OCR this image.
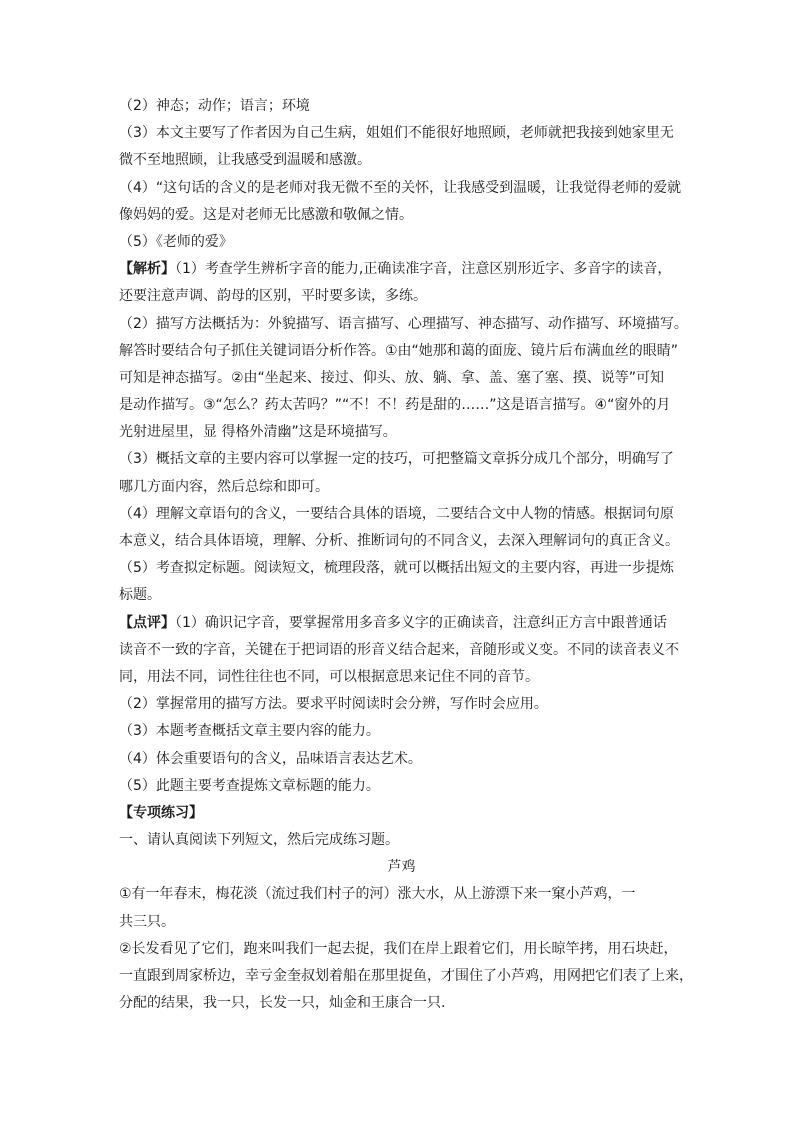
（2）神态；动作；语言；环境
（3）本文主要写了作者因为自己生病，姐姐们不能很好地照顾，老师就把我接到她家里无
微不至地照顾，让我感受到温暖和感激。
（4）“这句话的含义的是老师对我无微不至的关怀，让我感受到温暖，让我觉得老师的爱就
像妈妈的爱。这是对老师无比感激和敬佩之情。
（5）《老师的爱》
【解析】（1）考查学生辨析字音的能力,正确读准字音，注意区别形近字、多音字的读音，
还要注意声调、韵母的区别，平时要多读，多练。
（2）描写方法概括为：外貌描写、语言描写、心理描写、神态描写、动作描写、环境描写。
解答时要结合句子抓住关键词语分析作答。①由“她那和蔼的面庞、镜片后布满血丝的眼睛”
可知是神态描写。②由“坐起来、接过、仰头、放、躺、拿、盖、塞了塞、摸、说等”可知
是动作描写。③“怎么？药太苦吗？”“不！不！药是甜的……”这是语言描写。④“窗外的月
光射进屋里，显 得格外清幽”这是环境描写。
（3）概括文章的主要内容可以掌握一定的技巧，可把整篇文章拆分成几个部分，明确写了
哪几方面内容，然后总综和即可。
（4）理解文章语句的含义，一要结合具体的语境，二要结合文中人物的情感。根据词句原
本意义，结合具体语境，理解、分析、推断词句的不同含义，去深入理解词句的真正含义。
（5）考查拟定标题。阅读短文，梳理段落，就可以概括出短文的主要内容，再进一步提炼
标题。
【点评】（1）确识记字音，要掌握常用多音多义字的正确读音，注意纠正方言中跟普通话
读音不一致的字音，关键在于把词语的形音义结合起来，音随形或义变。不同的读音表义不
同，用法不同，词性往往也不同，可以根据意思来记住不同的音节。
（2）掌握常用的描写方法。要求平时阅读时会分辨，写作时会应用。
（3）本题考查概括文章主要内容的能力。
（4）体会重要语句的含义，品味语言表达艺术。
（5）此题主要考查提炼文章标题的能力。
【专项练习】
一、请认真阅读下列短文，然后完成练习题。
芦鸡
①有一年春末，梅花淡（流过我们村子的河）涨大水，从上游漂下来一窠小芦鸡，一
共三只。
②长发看见了它们，跑来叫我们一起去捉，我们在岸上跟着它们，用长晾竿拷，用石块赶，
一直跟到周家桥边，幸亏金奎叔划着船在那里捉鱼，才围住了小芦鸡，用网把它们表了上来，
分配的结果，我一只，长发一只，灿金和王康合一只.
